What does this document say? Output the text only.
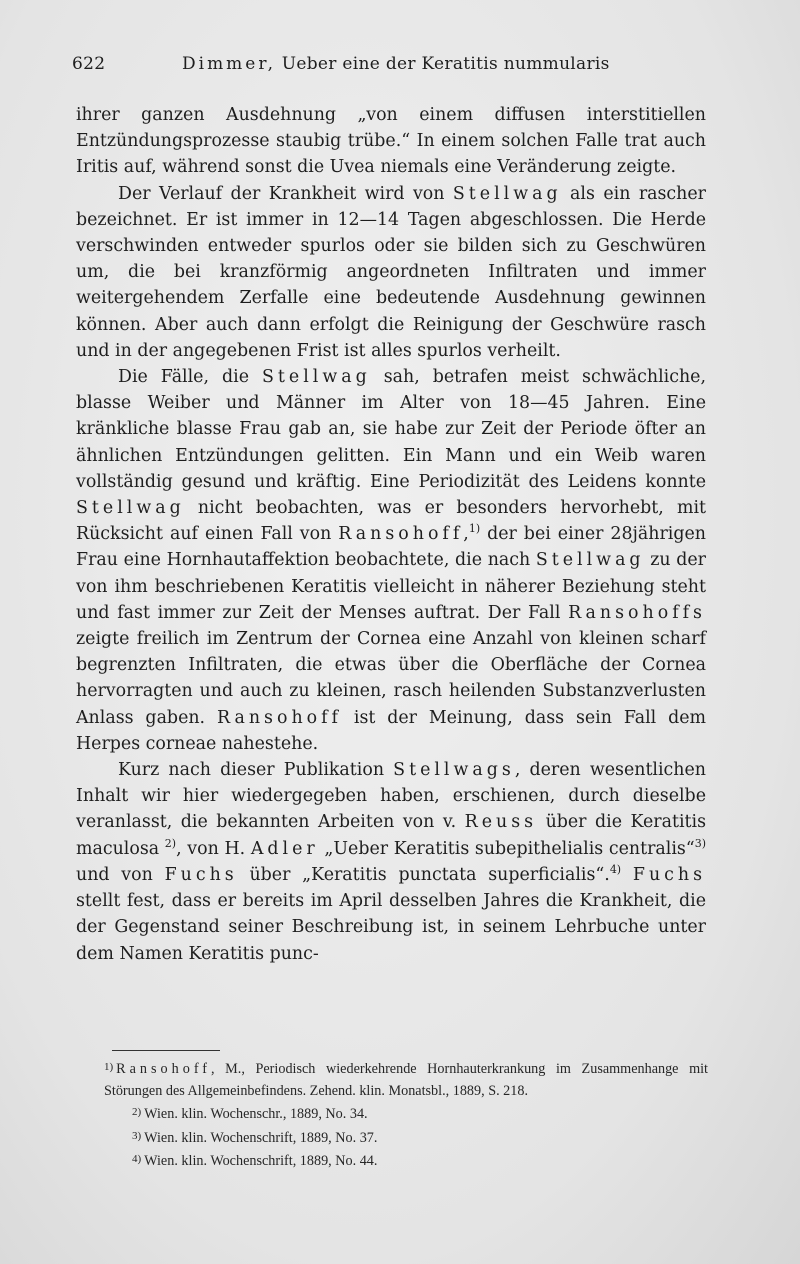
622	Dimmer, Ueber eine der Keratitis nummularis

ihrer ganzen Ausdehnung „von einem diffusen interstitiellen Entzündungsprozesse staubig trübe.“ In einem solchen Falle trat auch Iritis auf, während sonst die Uvea niemals eine Veränderung zeigte.

Der Verlauf der Krankheit wird von Stellwag als ein rascher bezeichnet. Er ist immer in 12—14 Tagen abgeschlossen. Die Herde verschwinden entweder spurlos oder sie bilden sich zu Geschwüren um, die bei kranzförmig angeordneten Infiltraten und immer weitergehendem Zerfalle eine bedeutende Ausdehnung gewinnen können. Aber auch dann erfolgt die Reinigung der Geschwüre rasch und in der angegebenen Frist ist alles spurlos verheilt.

Die Fälle, die Stellwag sah, betrafen meist schwächliche, blasse Weiber und Männer im Alter von 18—45 Jahren. Eine kränkliche blasse Frau gab an, sie habe zur Zeit der Periode öfter an ähnlichen Entzündungen gelitten. Ein Mann und ein Weib waren vollständig gesund und kräftig. Eine Periodizität des Leidens konnte Stellwag nicht beobachten, was er besonders hervorhebt, mit Rücksicht auf einen Fall von Ransohoff,$^{1)}$ der bei einer 28jährigen Frau eine Hornhautaffektion beobachtete, die nach Stellwag zu der von ihm beschriebenen Keratitis vielleicht in näherer Beziehung steht und fast immer zur Zeit der Menses auftrat. Der Fall Ransohoffs zeigte freilich im Zentrum der Cornea eine Anzahl von kleinen scharf begrenzten Infiltraten, die etwas über die Oberfläche der Cornea hervorragten und auch zu kleinen, rasch heilenden Substanzverlusten Anlass gaben. Ransohoff ist der Meinung, dass sein Fall dem Herpes corneae nahestehe.

Kurz nach dieser Publikation Stellwags, deren wesentlichen Inhalt wir hier wiedergegeben haben, erschienen, durch dieselbe veranlasst, die bekannten Arbeiten von v. Reuss über die Keratitis maculosa $^{2)}$, von H. Adler „Ueber Keratitis subepithelialis centralis“$^{3)}$ und von Fuchs über „Keratitis punctata superficialis“.$^{4)}$ Fuchs stellt fest, dass er bereits im April desselben Jahres die Krankheit, die der Gegenstand seiner Beschreibung ist, in seinem Lehrbuche unter dem Namen Keratitis punc-

$^{1)}$ Ransohoff, M., Periodisch wiederkehrende Hornhauterkrankung im Zusammenhange mit Störungen des Allgemeinbefindens. Zehend. klin. Monatsbl., 1889, S. 218.

$^{2)}$ Wien. klin. Wochenschr., 1889, No. 34.

$^{3)}$ Wien. klin. Wochenschrift, 1889, No. 37.

$^{4)}$ Wien. klin. Wochenschrift, 1889, No. 44.
